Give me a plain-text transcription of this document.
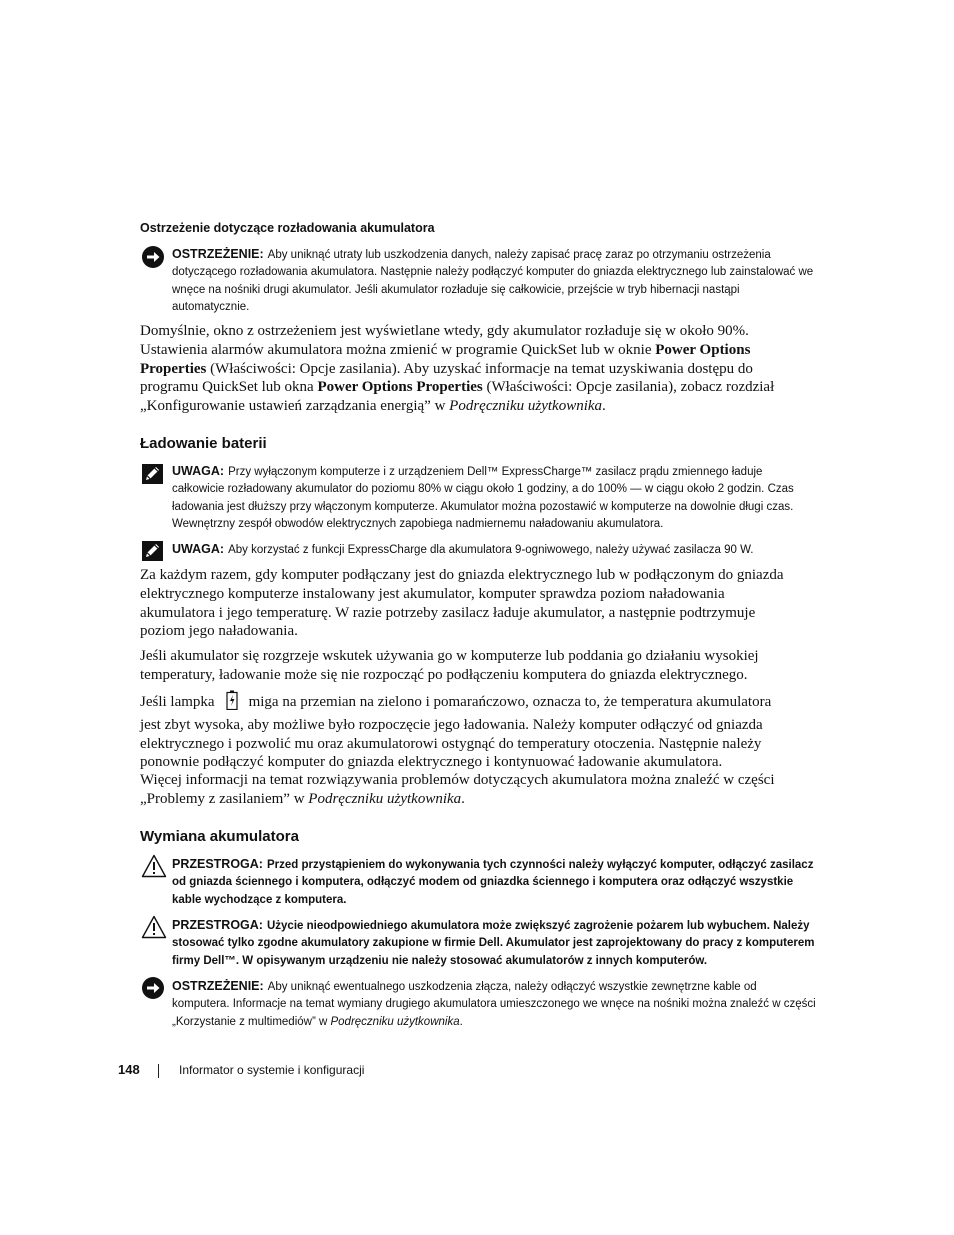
Ostrzeżenie dotyczące rozładowania akumulatora
OSTRZEŻENIE: Aby uniknąć utraty lub uszkodzenia danych, należy zapisać pracę zaraz po otrzymaniu ostrzeżenia dotyczącego rozładowania akumulatora. Następnie należy podłączyć komputer do gniazda elektrycznego lub zainstalować we wnęce na nośniki drugi akumulator. Jeśli akumulator rozładuje się całkowicie, przejście w tryb hibernacji nastąpi automatycznie.

Domyślnie, okno z ostrzeżeniem jest wyświetlane wtedy, gdy akumulator rozładuje się w około 90%. Ustawienia alarmów akumulatora można zmienić w programie QuickSet lub w oknie Power Options Properties (Właściwości: Opcje zasilania). Aby uzyskać informacje na temat uzyskiwania dostępu do programu QuickSet lub okna Power Options Properties (Właściwości: Opcje zasilania), zobacz rozdział „Konfigurowanie ustawień zarządzania energią” w Podręczniku użytkownika.

Ładowanie baterii
UWAGA: Przy wyłączonym komputerze i z urządzeniem Dell™ ExpressCharge™ zasilacz prądu zmiennego ładuje całkowicie rozładowany akumulator do poziomu 80% w ciągu około 1 godziny, a do 100% — w ciągu około 2 godzin. Czas ładowania jest dłuższy przy włączonym komputerze. Akumulator można pozostawić w komputerze na dowolnie długi czas. Wewnętrzny zespół obwodów elektrycznych zapobiega nadmiernemu naładowaniu akumulatora.
UWAGA: Aby korzystać z funkcji ExpressCharge dla akumulatora 9-ogniwowego, należy używać zasilacza 90 W.

Za każdym razem, gdy komputer podłączany jest do gniazda elektrycznego lub w podłączonym do gniazda elektrycznego komputerze instalowany jest akumulator, komputer sprawdza poziom naładowania akumulatora i jego temperaturę. W razie potrzeby zasilacz ładuje akumulator, a następnie podtrzymuje poziom jego naładowania.

Jeśli akumulator się rozgrzeje wskutek używania go w komputerze lub poddania go działaniu wysokiej temperatury, ładowanie może się nie rozpocząć po podłączeniu komputera do gniazda elektrycznego.

Jeśli lampka miga na przemian na zielono i pomarańczowo, oznacza to, że temperatura akumulatora jest zbyt wysoka, aby możliwe było rozpoczęcie jego ładowania. Należy komputer odłączyć od gniazda elektrycznego i pozwolić mu oraz akumulatorowi ostygnąć do temperatury otoczenia. Następnie należy ponownie podłączyć komputer do gniazda elektrycznego i kontynuować ładowanie akumulatora.

Więcej informacji na temat rozwiązywania problemów dotyczących akumulatora można znaleźć w części „Problemy z zasilaniem” w Podręczniku użytkownika.

Wymiana akumulatora
PRZESTROGA: Przed przystąpieniem do wykonywania tych czynności należy wyłączyć komputer, odłączyć zasilacz od gniazda ściennego i komputera, odłączyć modem od gniazdka ściennego i komputera oraz odłączyć wszystkie kable wychodzące z komputera.
PRZESTROGA: Użycie nieodpowiedniego akumulatora może zwiększyć zagrożenie pożarem lub wybuchem. Należy stosować tylko zgodne akumulatory zakupione w firmie Dell. Akumulator jest zaprojektowany do pracy z komputerem firmy Dell™. W opisywanym urządzeniu nie należy stosować akumulatorów z innych komputerów.
OSTRZEŻENIE: Aby uniknąć ewentualnego uszkodzenia złącza, należy odłączyć wszystkie zewnętrzne kable od komputera. Informacje na temat wymiany drugiego akumulatora umieszczonego we wnęce na nośniki można znaleźć w części „Korzystanie z multimediów” w Podręczniku użytkownika.
148	Informator o systemie i konfiguracji
